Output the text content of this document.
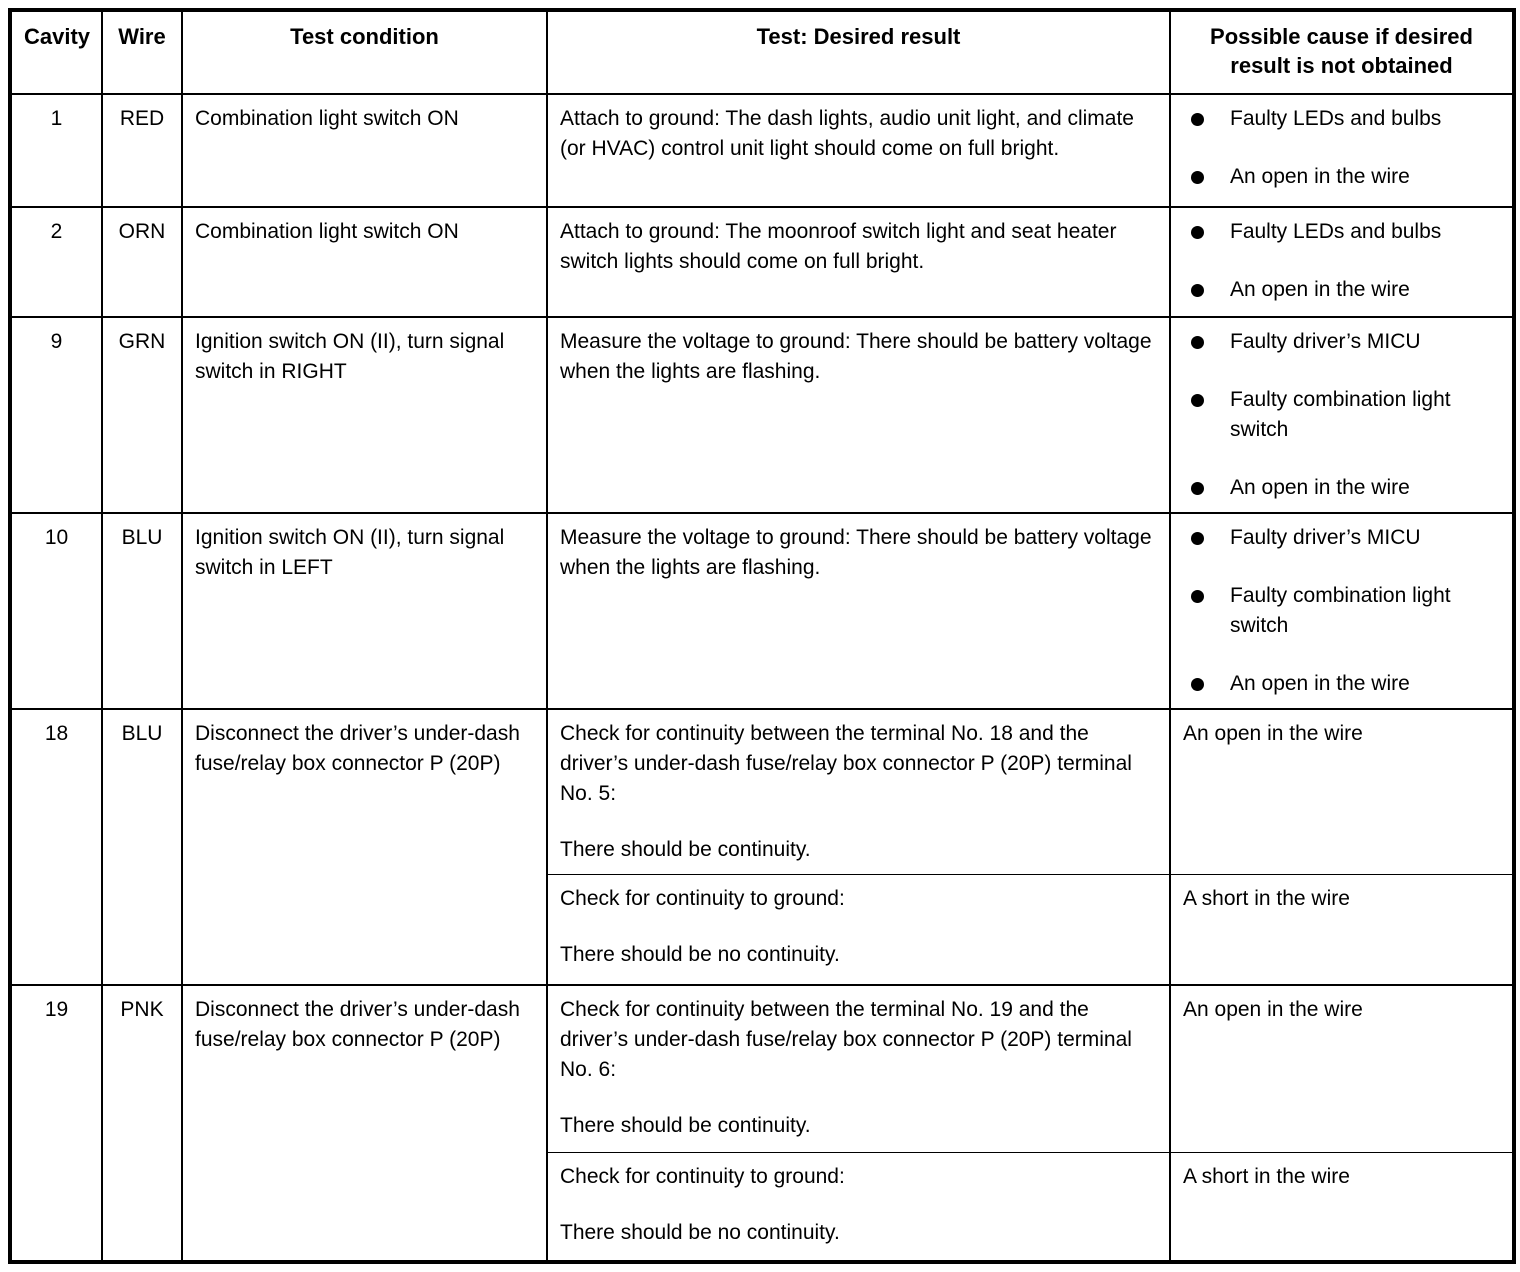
Cavity	Wire	Test condition	Test: Desired result	Possible cause if desired result is not obtained
1	RED	Combination light switch ON	Attach to ground: The dash lights, audio unit light, and climate (or HVAC) control unit light should come on full bright.	Faulty LEDs and bulbs
An open in the wire

2	ORN	Combination light switch ON	Attach to ground: The moonroof switch light and seat heater switch lights should come on full bright.	Faulty LEDs and bulbs
An open in the wire

9	GRN	Ignition switch ON (II), turn signal switch in RIGHT	Measure the voltage to ground: There should be battery voltage when the lights are flashing.	Faulty driver’s MICU
Faulty combination light switch
An open in the wire

10	BLU	Ignition switch ON (II), turn signal switch in LEFT	Measure the voltage to ground: There should be battery voltage when the lights are flashing.	Faulty driver’s MICU
Faulty combination light switch
An open in the wire

18	BLU	Disconnect the driver’s under-dash fuse/relay box connector P (20P)	Check for continuity between the terminal No. 18 and the driver’s under-dash fuse/relay box connector P (20P) terminal No. 5:

There should be continuity.	An open in the wire

			Check for continuity to ground:

There should be no continuity.	A short in the wire

19	PNK	Disconnect the driver’s under-dash fuse/relay box connector P (20P)	Check for continuity between the terminal No. 19 and the driver’s under-dash fuse/relay box connector P (20P) terminal No. 6:

There should be continuity.	An open in the wire

			Check for continuity to ground:

There should be no continuity.	A short in the wire
